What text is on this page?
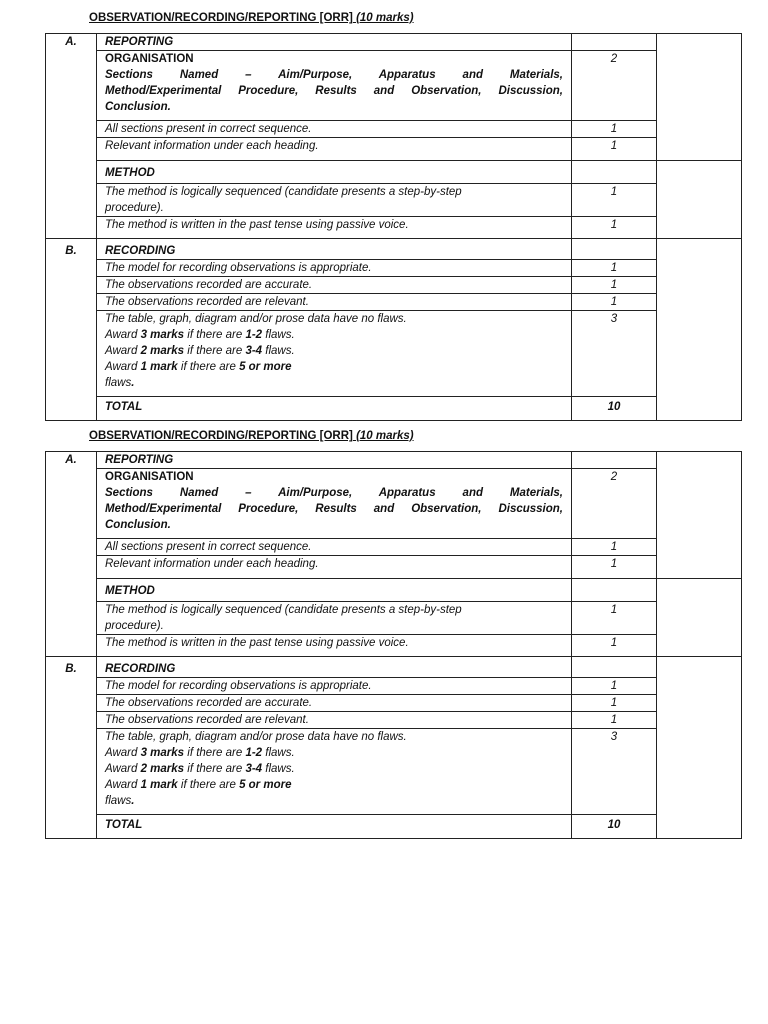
OBSERVATION/RECORDING/REPORTING [ORR] (10 marks)
A.	REPORTING		

	ORGANISATION
Sections Named – Aim/Purpose, Apparatus and Materials,
Method/Experimental Procedure, Results and Observation, Discussion,
Conclusion.	2	
	All sections present in correct sequence.	1	
	Relevant information under each heading.	1	
	METHOD		

	The method is logically sequenced (candidate presents a step-by-step
procedure).	1	
	The method is written in the past tense using passive voice.	1	
B.	RECORDING		
	The model for recording observations is appropriate.	1	
	The observations recorded are accurate.	1	
	The observations recorded are relevant.	1	

	The table, graph, diagram and/or prose data have no flaws.
Award 3 marks if there are 1-2 flaws.
Award 2 marks if there are 3-4 flaws.
Award 1 mark if there are 5 or more
flaws.	3	
	TOTAL	10	
OBSERVATION/RECORDING/REPORTING [ORR] (10 marks)
A.	REPORTING		

	ORGANISATION
Sections Named – Aim/Purpose, Apparatus and Materials,
Method/Experimental Procedure, Results and Observation, Discussion,
Conclusion.	2	
	All sections present in correct sequence.	1	
	Relevant information under each heading.	1	
	METHOD		

	The method is logically sequenced (candidate presents a step-by-step
procedure).	1	
	The method is written in the past tense using passive voice.	1	
B.	RECORDING		
	The model for recording observations is appropriate.	1	
	The observations recorded are accurate.	1	
	The observations recorded are relevant.	1	

	The table, graph, diagram and/or prose data have no flaws.
Award 3 marks if there are 1-2 flaws.
Award 2 marks if there are 3-4 flaws.
Award 1 mark if there are 5 or more
flaws.	3	
	TOTAL	10	
